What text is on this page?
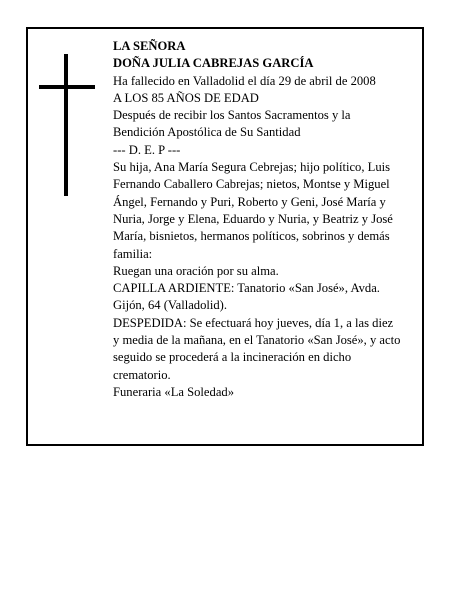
LA SEÑORA
DOÑA JULIA CABREJAS GARCÍA
Ha fallecido en Valladolid el día 29 de abril de 2008
A LOS 85 AÑOS DE EDAD
Después de recibir los Santos Sacramentos y la
Bendición Apostólica de Su Santidad
--- D. E. P ---
Su hija, Ana María Segura Cebrejas; hijo político, Luis
Fernando Caballero Cabrejas; nietos, Montse y Miguel
Ángel, Fernando y Puri, Roberto y Geni, José María y
Nuria, Jorge y Elena, Eduardo y Nuria, y Beatriz y José
María, bisnietos, hermanos políticos, sobrinos y demás
familia:
Ruegan una oración por su alma.
CAPILLA ARDIENTE: Tanatorio «San José», Avda.
Gijón, 64 (Valladolid).
DESPEDIDA: Se efectuará hoy jueves, día 1, a las diez
y media de la mañana, en el Tanatorio «San José», y acto
seguido se procederá a la incineración en dicho
crematorio.
Funeraria «La Soledad»
